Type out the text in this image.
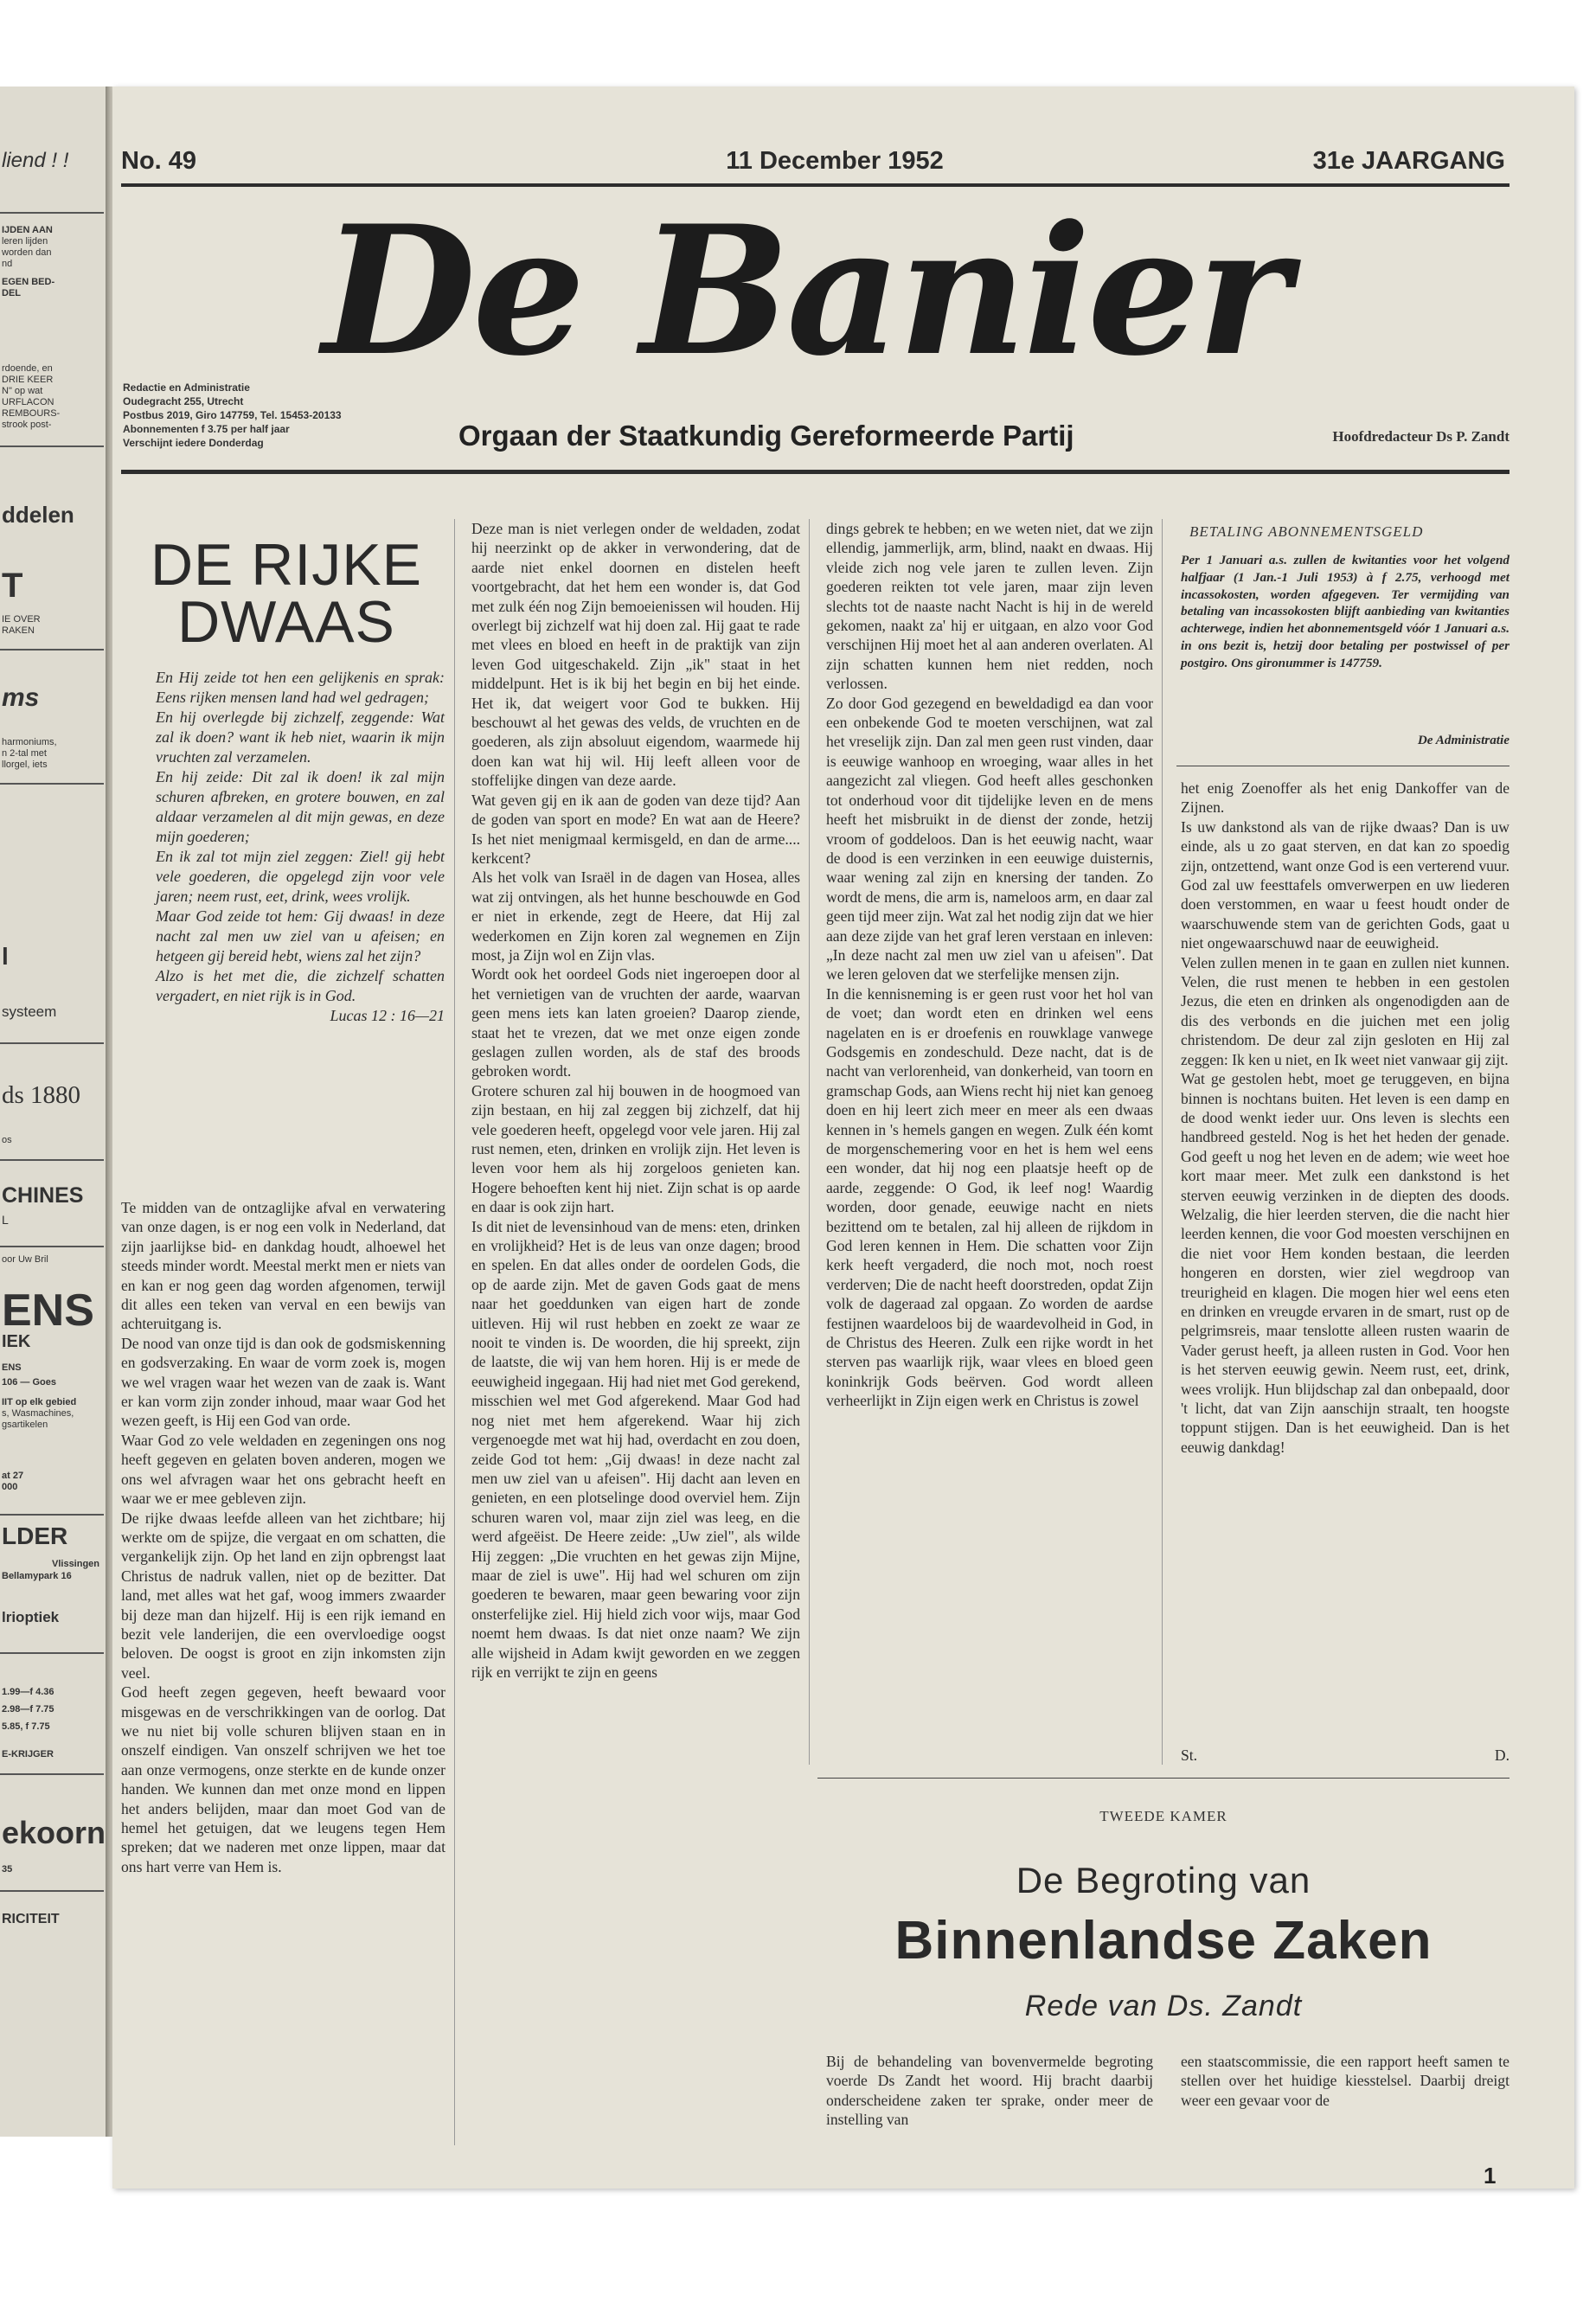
liend ! !
IJDEN AAN
leren lijden
worden dan
nd
EGEN BED-
DEL
rdoende, en
DRIE KEER
N" op wat
URFLACON
REMBOURS-
strook post-
ddelen
T
IE OVER
RAKEN
ms
harmoniums,
n 2-tal met
llorgel, iets
l
systeem
ds 1880
os
CHINES
L
oor Uw Bril
ENS
IEK
ENS
106 — Goes
IIT op elk gebied
s, Wasmachines,
gsartikelen
at 27
000
LDER
Vlissingen
Bellamypark 16
lrioptiek
1.99—f 4.36
2.98—f 7.75
5.85, f 7.75
E-KRIJGER
ekoorn
35
RICITEIT
No. 49	11 December 1952	31e JAARGANG
De Banier
Redactie en Administratie
Oudegracht 255, Utrecht
Postbus 2019, Giro 147759, Tel. 15453-20133
Abonnementen f 3.75 per half jaar
Verschijnt iedere Donderdag	Orgaan der Staatkundig Gereformeerde Partij	Hoofdredacteur Ds P. Zandt
DE RIJKE
DWAAS

En Hij zeide tot hen een gelijkenis en sprak: Eens rijken mensen land had wel gedragen;

En hij overlegde bij zichzelf, zeggende: Wat zal ik doen? want ik heb niet, waarin ik mijn vruchten zal verzamelen.

En hij zeide: Dit zal ik doen! ik zal mijn schuren afbreken, en grotere bouwen, en zal aldaar verzamelen al dit mijn gewas, en deze mijn goederen;

En ik zal tot mijn ziel zeggen: Ziel! gij hebt vele goederen, die opgelegd zijn voor vele jaren; neem rust, eet, drink, wees vrolijk.

Maar God zeide tot hem: Gij dwaas! in deze nacht zal men uw ziel van u afeisen; en hetgeen gij bereid hebt, wiens zal het zijn?

Alzo is het met die, die zichzelf schatten vergadert, en niet rijk is in God.

Lucas 12 : 16—21

Te midden van de ontzaglijke afval en verwatering van onze dagen, is er nog een volk in Nederland, dat zijn jaarlijkse bid- en dankdag houdt, alhoewel het steeds minder wordt. Meestal merkt men er niets van en kan er nog geen dag worden afgenomen, terwijl dit alles een teken van verval en een bewijs van achteruitgang is.

De nood van onze tijd is dan ook de godsmiskenning en godsverzaking. En waar de vorm zoek is, mogen we wel vragen waar het wezen van de zaak is. Want er kan vorm zijn zonder inhoud, maar waar God het wezen geeft, is Hij een God van orde.

Waar God zo vele weldaden en zegeningen ons nog heeft gegeven en gelaten boven anderen, mogen we ons wel afvragen waar het ons gebracht heeft en waar we er mee gebleven zijn.

De rijke dwaas leefde alleen van het zichtbare; hij werkte om de spijze, die vergaat en om schatten, die vergankelijk zijn. Op het land en zijn opbrengst laat Christus de nadruk vallen, niet op de bezitter. Dat land, met alles wat het gaf, woog immers zwaarder bij deze man dan hijzelf. Hij is een rijk iemand en bezit vele landerijen, die een overvloedige oogst beloven. De oogst is groot en zijn inkomsten zijn veel.

God heeft zegen gegeven, heeft bewaard voor misgewas en de verschrikkingen van de oorlog. Dat we nu niet bij volle schuren blijven staan en in onszelf eindigen. Van onszelf schrijven we het toe aan onze vermogens, onze sterkte en de kunde onzer handen. We kunnen dan met onze mond en lippen het anders belijden, maar dan moet God van de hemel het getuigen, dat we leugens tegen Hem spreken; dat we naderen met onze lippen, maar dat ons hart verre van Hem is.

Deze man is niet verlegen onder de weldaden, zodat hij neerzinkt op de akker in verwondering, dat de aarde niet enkel doornen en distelen heeft voortgebracht, dat het hem een wonder is, dat God met zulk één nog Zijn bemoeienissen wil houden. Hij overlegt bij zichzelf wat hij doen zal. Hij gaat te rade met vlees en bloed en heeft in de praktijk van zijn leven God uitgeschakeld. Zijn „ik" staat in het middelpunt. Het is ik bij het begin en bij het einde. Het ik, dat weigert voor God te bukken. Hij beschouwt al het gewas des velds, de vruchten en de goederen, als zijn absoluut eigendom, waarmede hij doen kan wat hij wil. Hij leeft alleen voor de stoffelijke dingen van deze aarde.

Wat geven gij en ik aan de goden van deze tijd? Aan de goden van sport en mode? En wat aan de Heere? Is het niet menigmaal kermisgeld, en dan de arme.... kerkcent?

Als het volk van Israël in de dagen van Hosea, alles wat zij ontvingen, als het hunne beschouwde en God er niet in erkende, zegt de Heere, dat Hij zal wederkomen en Zijn koren zal wegnemen en Zijn most, ja Zijn wol en Zijn vlas.

Wordt ook het oordeel Gods niet ingeroepen door al het vernietigen van de vruchten der aarde, waarvan geen mens iets kan laten groeien? Daarop ziende, staat het te vrezen, dat we met onze eigen zonde geslagen zullen worden, als de staf des broods gebroken wordt.

Grotere schuren zal hij bouwen in de hoogmoed van zijn bestaan, en hij zal zeggen bij zichzelf, dat hij vele goederen heeft, opgelegd voor vele jaren. Hij zal rust nemen, eten, drinken en vrolijk zijn. Het leven is leven voor hem als hij zorgeloos genieten kan. Hogere behoeften kent hij niet. Zijn schat is op aarde en daar is ook zijn hart.

Is dit niet de levensinhoud van de mens: eten, drinken en vrolijkheid? Het is de leus van onze dagen; brood en spelen. En dat alles onder de oordelen Gods, die op de aarde zijn. Met de gaven Gods gaat de mens naar het goeddunken van eigen hart de zonde uitleven. Hij wil rust hebben en zoekt ze waar ze nooit te vinden is. De woorden, die hij spreekt, zijn de laatste, die wij van hem horen. Hij is er mede de eeuwigheid ingegaan. Hij had niet met God gerekend, misschien wel met God afgerekend. Maar God had nog niet met hem afgerekend. Waar hij zich vergenoegde met wat hij had, overdacht en zou doen, zeide God tot hem: „Gij dwaas! in deze nacht zal men uw ziel van u afeisen". Hij dacht aan leven en genieten, en een plotselinge dood overviel hem. Zijn schuren waren vol, maar zijn ziel was leeg, en die werd afgeëist. De Heere zeide: „Uw ziel", als wilde Hij zeggen: „Die vruchten en het gewas zijn Mijne, maar de ziel is uwe". Hij had wel schuren om zijn goederen te bewaren, maar geen bewaring voor zijn onsterfelijke ziel. Hij hield zich voor wijs, maar God noemt hem dwaas. Is dat niet onze naam? We zijn alle wijsheid in Adam kwijt geworden en we zeggen rijk en verrijkt te zijn en geens

dings gebrek te hebben; en we weten niet, dat we zijn ellendig, jammerlijk, arm, blind, naakt en dwaas. Hij vleide zich nog vele jaren te zullen leven. Zijn goederen reikten tot vele jaren, maar zijn leven slechts tot de naaste nacht Nacht is hij in de wereld gekomen, naakt za' hij er uitgaan, en alzo voor God verschijnen Hij moet het al aan anderen overlaten. Al zijn schatten kunnen hem niet redden, noch verlossen.

Zo door God gezegend en beweldadigd ea dan voor een onbekende God te moeten verschijnen, wat zal het vreselijk zijn. Dan zal men geen rust vinden, daar is eeuwige wanhoop en wroeging, waar alles in het aangezicht zal vliegen. God heeft alles geschonken tot onderhoud voor dit tijdelijke leven en de mens heeft het misbruikt in de dienst der zonde, hetzij vroom of goddeloos. Dan is het eeuwig nacht, waar de dood is een verzinken in een eeuwige duisternis, waar wening zal zijn en knersing der tanden. Zo wordt de mens, die arm is, nameloos arm, en daar zal geen tijd meer zijn. Wat zal het nodig zijn dat we hier aan deze zijde van het graf leren verstaan en inleven: „In deze nacht zal men uw ziel van u afeisen". Dat we leren geloven dat we sterfelijke mensen zijn.

In die kennisneming is er geen rust voor het hol van de voet; dan wordt eten en drinken wel eens nagelaten en is er droefenis en rouwklage vanwege Godsgemis en zondeschuld. Deze nacht, dat is de nacht van verlorenheid, van donkerheid, van toorn en gramschap Gods, aan Wiens recht hij niet kan genoeg doen en hij leert zich meer en meer als een dwaas kennen in 's hemels gangen en wegen. Zulk één komt de morgenschemering voor en het is hem wel eens een wonder, dat hij nog een plaatsje heeft op de aarde, zeggende: O God, ik leef nog! Waardig worden, door genade, eeuwige nacht en niets bezittend om te betalen, zal hij alleen de rijkdom in God leren kennen in Hem. Die schatten voor Zijn kerk heeft vergaderd, die noch mot, noch roest verderven; Die de nacht heeft doorstreden, opdat Zijn volk de dageraad zal opgaan. Zo worden de aardse festijnen waardeloos bij de waardevolheid in God, in de Christus des Heeren. Zulk een rijke wordt in het sterven pas waarlijk rijk, waar vlees en bloed geen koninkrijk Gods beërven. God wordt alleen verheerlijkt in Zijn eigen werk en Christus is zowel

BETALING ABONNEMENTSGELD
Per 1 Januari a.s. zullen de kwitanties voor het volgend halfjaar (1 Jan.-1 Juli 1953) à f 2.75, verhoogd met incassokosten, worden afgegeven. Ter vermijding van betaling van incassokosten blijft aanbieding van kwitanties achterwege, indien het abonnementsgeld vóór 1 Januari a.s. in ons bezit is, hetzij door betaling per postwissel of per postgiro. Ons gironummer is 147759.
De Administratie

het enig Zoenoffer als het enig Dankoffer van de Zijnen.

Is uw dankstond als van de rijke dwaas? Dan is uw einde, als u zo gaat sterven, en dat kan zo spoedig zijn, ontzettend, want onze God is een verterend vuur. God zal uw feesttafels omverwerpen en uw liederen doen verstommen, en waar u feest houdt onder de waarschuwende stem van de gerichten Gods, gaat u niet ongewaarschuwd naar de eeuwigheid.

Velen zullen menen in te gaan en zullen niet kunnen. Velen, die rust menen te hebben in een gestolen Jezus, die eten en drinken als ongenodigden aan de dis des verbonds en die juichen met een jolig christendom. De deur zal zijn gesloten en Hij zal zeggen: Ik ken u niet, en Ik weet niet vanwaar gij zijt.

Wat ge gestolen hebt, moet ge teruggeven, en bijna binnen is nochtans buiten. Het leven is een damp en de dood wenkt ieder uur. Ons leven is slechts een handbreed gesteld. Nog is het het heden der genade. God geeft u nog het leven en de adem; wie weet hoe kort maar meer. Met zulk een dankstond is het sterven eeuwig verzinken in de diepten des doods. Welzalig, die hier leerden sterven, die die nacht hier leerden kennen, die voor God moesten verschijnen en die niet voor Hem konden bestaan, die leerden hongeren en dorsten, wier ziel wegdroop van treurigheid en klagen. Die mogen hier wel eens eten en drinken en vreugde ervaren in de smart, rust op de pelgrimsreis, maar tenslotte alleen rusten waarin de Vader gerust heeft, ja alleen rusten in God. Voor hen is het sterven eeuwig gewin. Neem rust, eet, drink, wees vrolijk. Hun blijdschap zal dan onbepaald, door 't licht, dat van Zijn aanschijn straalt, ten hoogste toppunt stijgen. Dan is het eeuwigheid. Dan is het eeuwig dankdag!

St.	D.
TWEEDE KAMER
De Begroting van
Binnenlandse Zaken
Rede van Ds. Zandt
Bij de behandeling van bovenvermelde begroting voerde Ds Zandt het woord. Hij bracht daarbij onderscheidene zaken ter sprake, onder meer de instelling van
een staatscommissie, die een rapport heeft samen te stellen over het huidige kiesstelsel. Daarbij dreigt weer een gevaar voor de
1
